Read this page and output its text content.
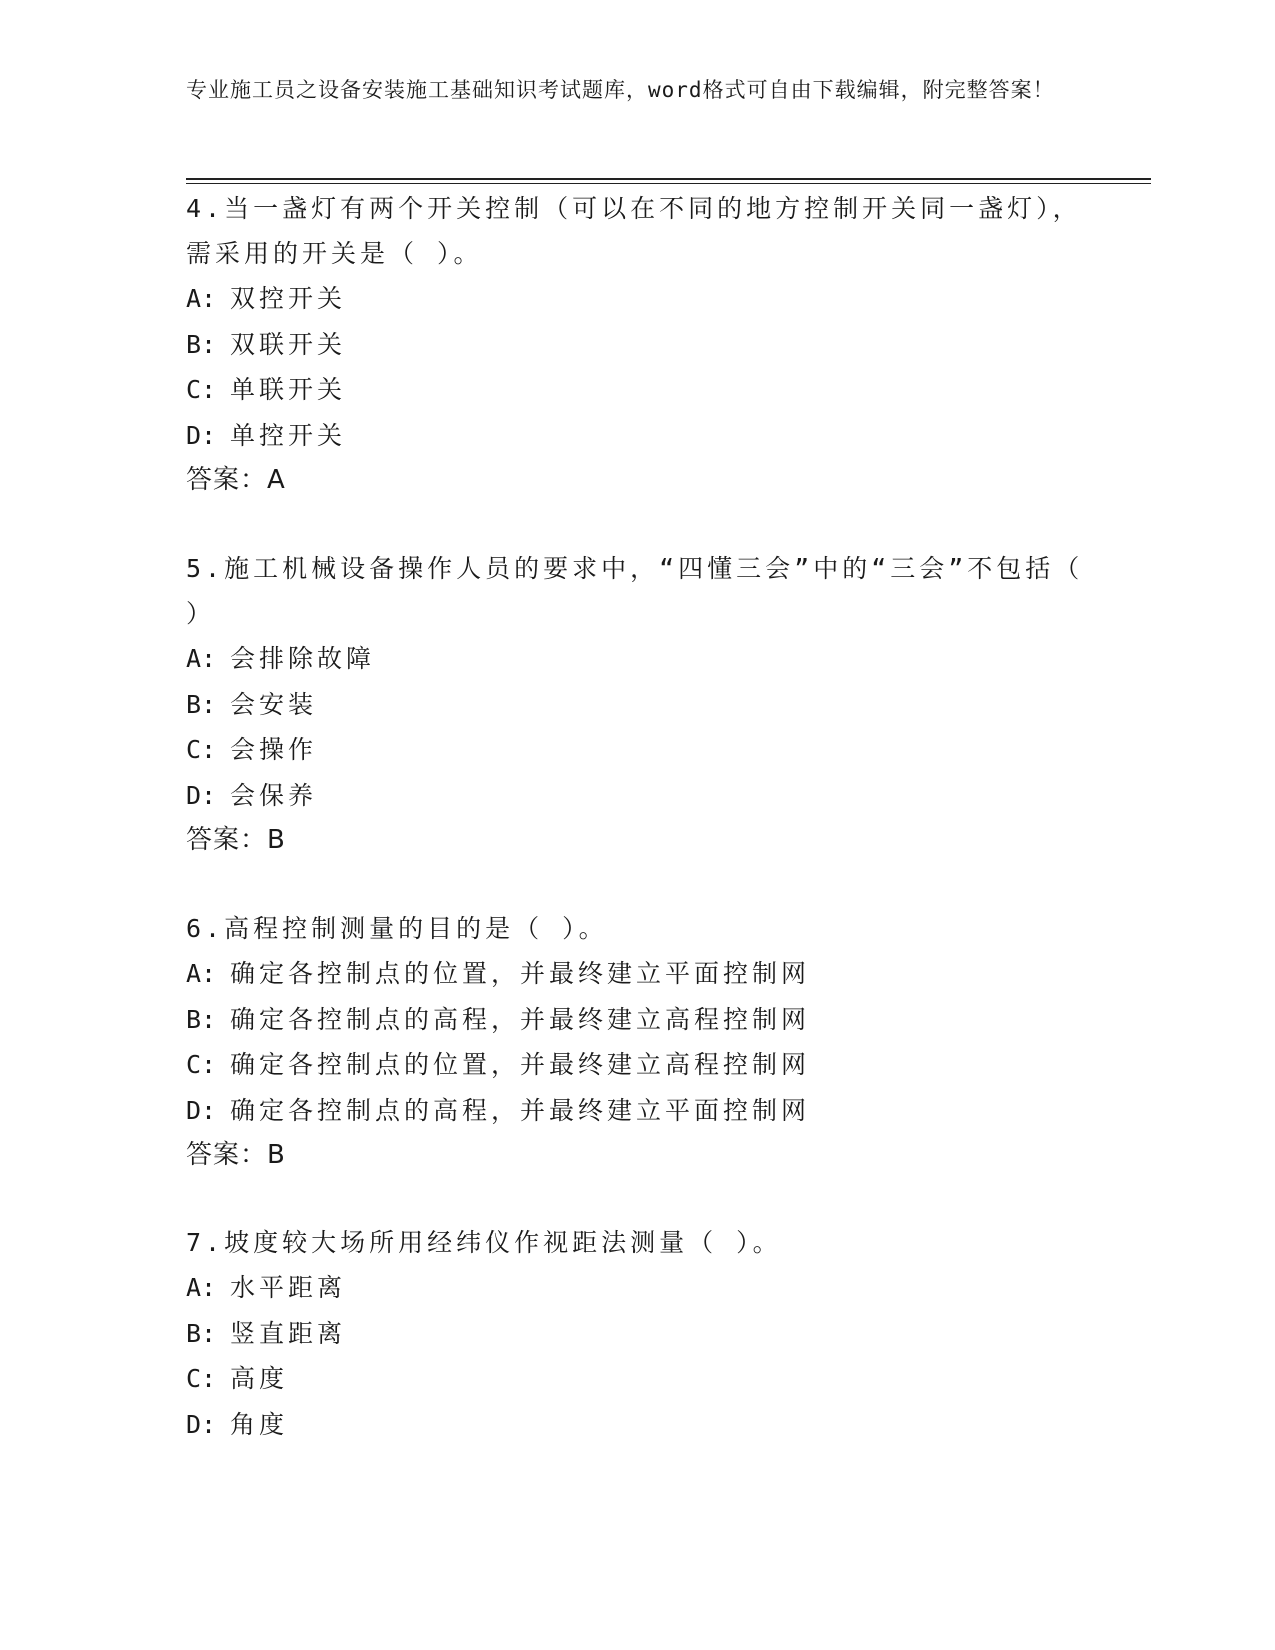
专业施工员之设备安装施工基础知识考试题库，word格式可自由下载编辑，附完整答案！
4.当一盏灯有两个开关控制（可以在不同的地方控制开关同一盏灯），需采用的开关是（ ）。
A: 双控开关
B: 双联开关
C: 单联开关
D: 单控开关
答案：A
5.施工机械设备操作人员的要求中，“四懂三会”中的“三会”不包括（ ）
A: 会排除故障
B: 会安装
C: 会操作
D: 会保养
答案：B
6.高程控制测量的目的是（ ）。
A: 确定各控制点的位置，并最终建立平面控制网
B: 确定各控制点的高程，并最终建立高程控制网
C: 确定各控制点的位置，并最终建立高程控制网
D: 确定各控制点的高程，并最终建立平面控制网
答案：B
7.坡度较大场所用经纬仪作视距法测量（ ）。
A: 水平距离
B: 竖直距离
C: 高度
D: 角度
